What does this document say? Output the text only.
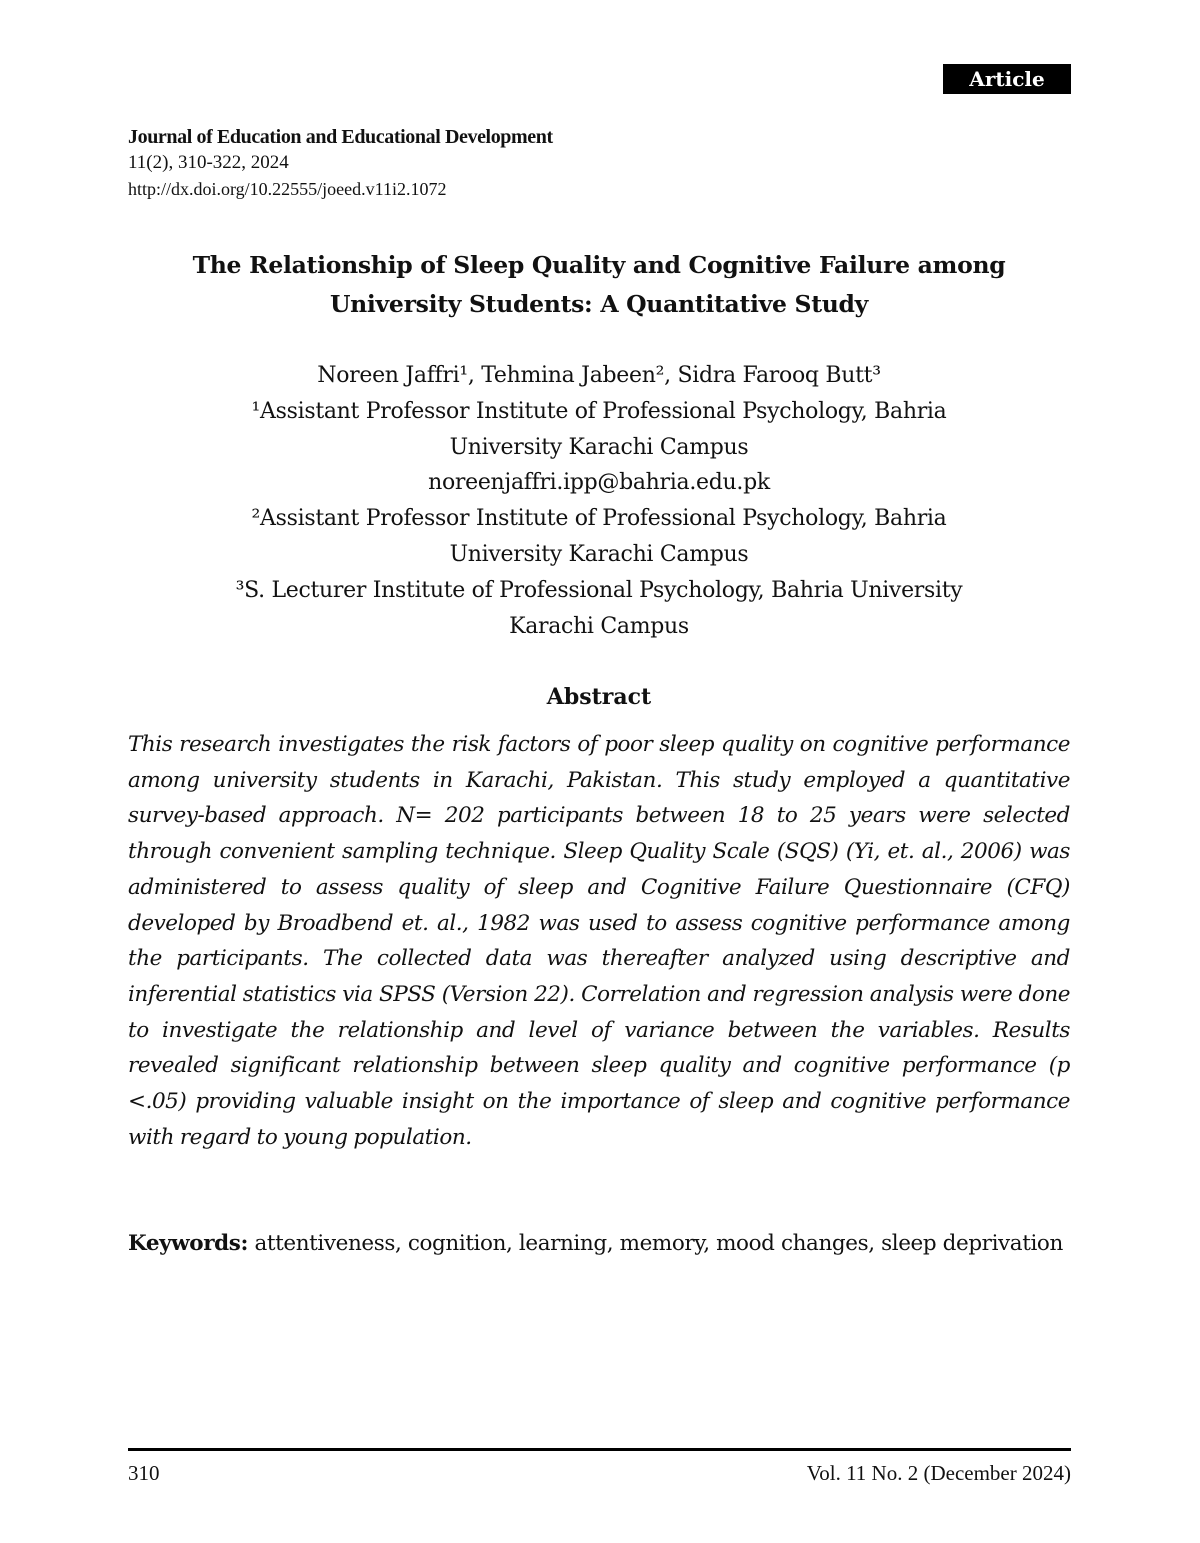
Article
Journal of Education and Educational Development
11(2), 310-322, 2024
http://dx.doi.org/10.22555/joeed.v11i2.1072
The Relationship of Sleep Quality and Cognitive Failure among
University Students: A Quantitative Study
Noreen Jaffri¹, Tehmina Jabeen², Sidra Farooq Butt³
¹Assistant Professor Institute of Professional Psychology, Bahria
University Karachi Campus
noreenjaffri.ipp@bahria.edu.pk
²Assistant Professor Institute of Professional Psychology, Bahria
University Karachi Campus
³S. Lecturer Institute of Professional Psychology, Bahria University
Karachi Campus
Abstract
This research investigates the risk factors of poor sleep quality on cognitive performance among university students in Karachi, Pakistan. This study employed a quantitative survey-based approach. N= 202 participants between 18 to 25 years were selected through convenient sampling technique. Sleep Quality Scale (SQS) (Yi, et. al., 2006) was administered to assess quality of sleep and Cognitive Failure Questionnaire (CFQ) developed by Broadbend et. al., 1982 was used to assess cognitive performance among the participants. The collected data was thereafter analyzed using descriptive and inferential statistics via SPSS (Version 22). Correlation and regression analysis were done to investigate the relationship and level of variance between the variables. Results revealed significant relationship between sleep quality and cognitive performance (p <.05) providing valuable insight on the importance of sleep and cognitive performance with regard to young population.
Keywords: attentiveness, cognition, learning, memory, mood changes, sleep deprivation
310	Vol. 11 No. 2 (December 2024)
